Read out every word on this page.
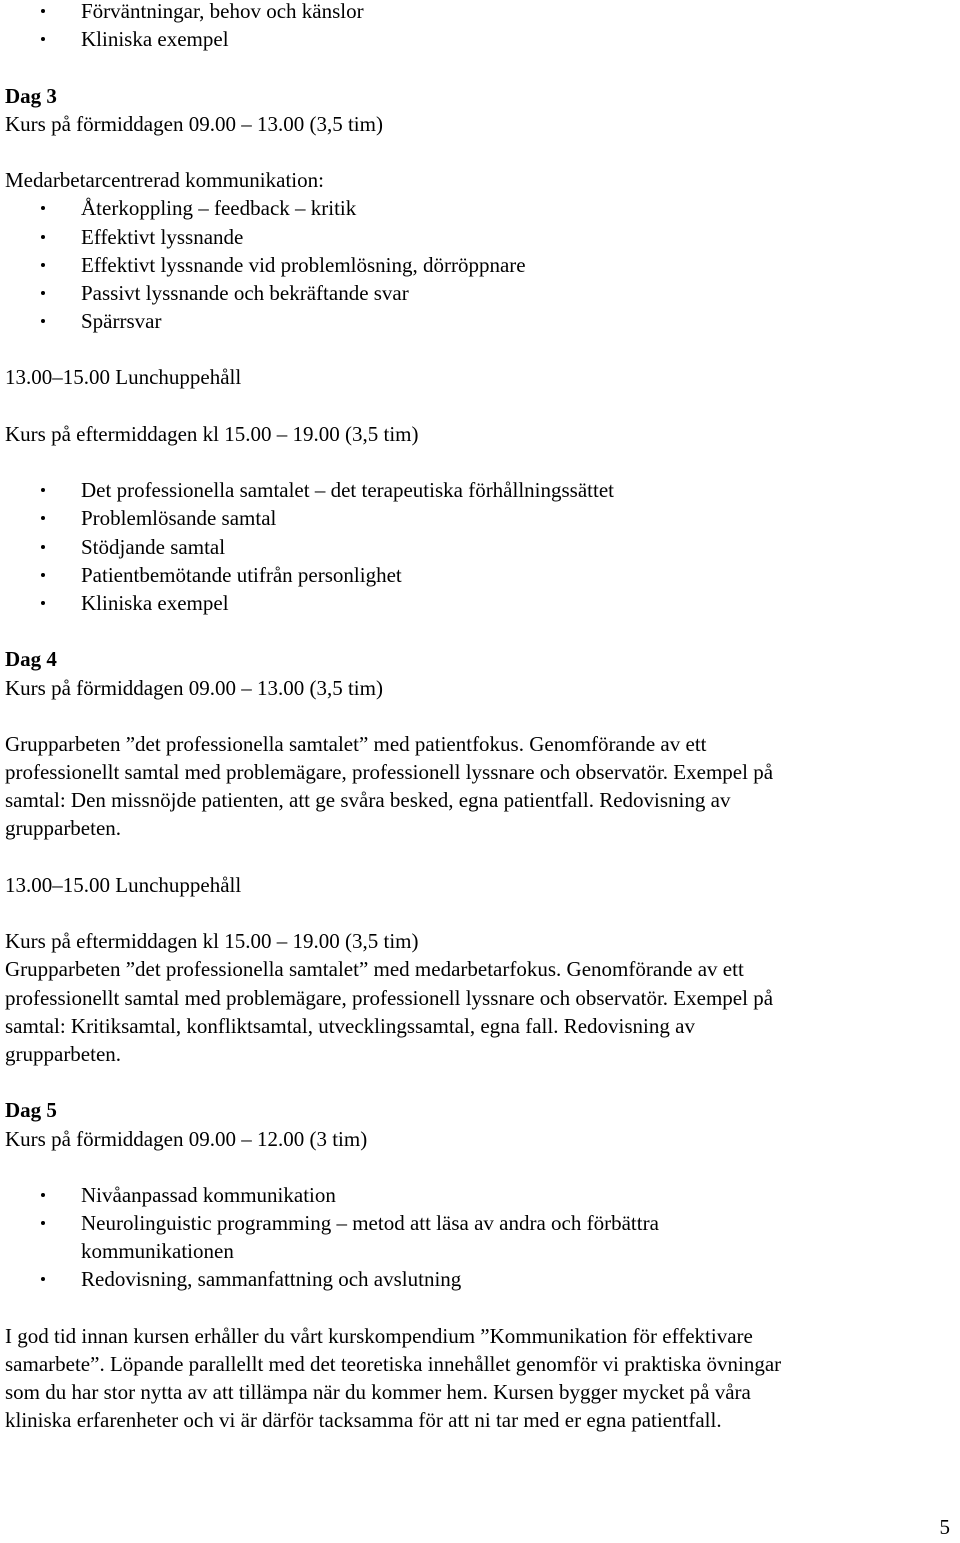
Förväntningar, behov och känslor
Kliniska exempel
Dag 3
Kurs på förmiddagen 09.00 – 13.00 (3,5 tim)
Medarbetarcentrerad kommunikation:
Återkoppling – feedback – kritik
Effektivt lyssnande
Effektivt lyssnande vid problemlösning, dörröppnare
Passivt lyssnande och bekräftande svar
Spärrsvar
13.00–15.00 Lunchuppehåll
Kurs på eftermiddagen kl 15.00 – 19.00 (3,5 tim)
Det professionella samtalet – det terapeutiska förhållningssättet
Problemlösande samtal
Stödjande samtal
Patientbemötande utifrån personlighet
Kliniska exempel
Dag 4
Kurs på förmiddagen 09.00 – 13.00 (3,5 tim)
Grupparbeten ”det professionella samtalet” med patientfokus. Genomförande av ett
professionellt samtal med problemägare, professionell lyssnare och observatör. Exempel på
samtal: Den missnöjde patienten, att ge svåra besked, egna patientfall. Redovisning av
grupparbeten.
13.00–15.00 Lunchuppehåll
Kurs på eftermiddagen kl 15.00 – 19.00 (3,5 tim)
Grupparbeten ”det professionella samtalet” med medarbetarfokus. Genomförande av ett
professionellt samtal med problemägare, professionell lyssnare och observatör. Exempel på
samtal: Kritiksamtal, konfliktsamtal, utvecklingssamtal, egna fall. Redovisning av
grupparbeten.
Dag 5
Kurs på förmiddagen 09.00 – 12.00 (3 tim)
Nivåanpassad kommunikation
Neurolinguistic programming – metod att läsa av andra och förbättra
kommunikationen
Redovisning, sammanfattning och avslutning
I god tid innan kursen erhåller du vårt kurskompendium ”Kommunikation för effektivare
samarbete”. Löpande parallellt med det teoretiska innehållet genomför vi praktiska övningar
som du har stor nytta av att tillämpa när du kommer hem. Kursen bygger mycket på våra
kliniska erfarenheter och vi är därför tacksamma för att ni tar med er egna patientfall.
5
